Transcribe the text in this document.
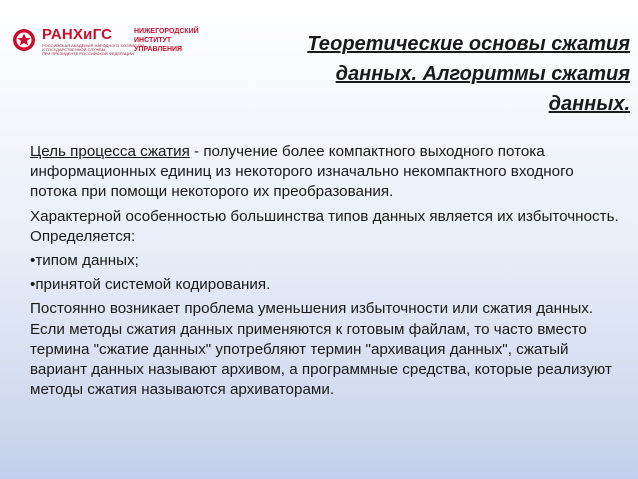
РАНХиГС
РОССИЙСКАЯ АКАДЕМИЯ НАРОДНОГО ХОЗЯЙСТВА
И ГОСУДАРСТВЕННОЙ СЛУЖБЫ
ПРИ ПРЕЗИДЕНТЕ РОССИЙСКОЙ ФЕДЕРАЦИИ
НИЖЕГОРОДСКИЙ
ИНСТИТУТ
УПРАВЛЕНИЯ	Теоретические основы сжатия
данных. Алгоритмы сжатия
данных.

Цель процесса сжатия - получение более компактного выходного потока информационных единиц из некоторого изначально некомпактного входного потока при помощи некоторого их преобразования.

Характерной особенностью большинства типов данных является их избыточность. Определяется:

•типом данных;

•принятой системой кодирования.

Постоянно возникает проблема уменьшения избыточности или сжатия данных. Если методы сжатия данных применяются к готовым файлам, то часто вместо термина "сжатие данных" употребляют термин "архивация данных", сжатый вариант данных называют архивом, а программные средства, которые реализуют методы сжатия называются архиваторами.
